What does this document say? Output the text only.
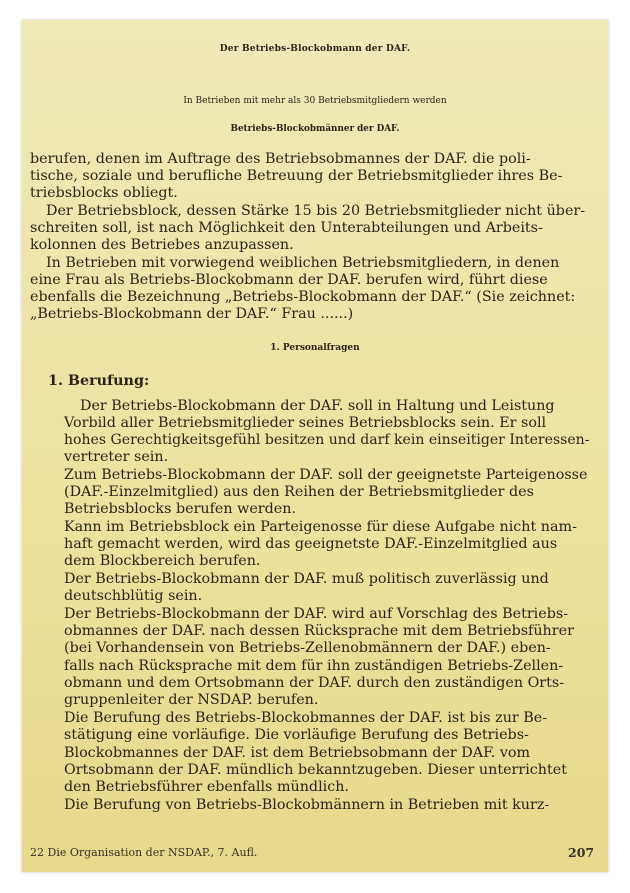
Der Betriebs-Blockobmann der DAF.
In Betrieben mit mehr als 30 Betriebsmitgliedern werden
Betriebs-Blockobmänner der DAF.
berufen, denen im Auftrage des Betriebsobmannes der DAF. die poli-
tische, soziale und berufliche Betreuung der Betriebsmitglieder ihres Be-
triebsblocks obliegt.
Der Betriebsblock, dessen Stärke 15 bis 20 Betriebsmitglieder nicht über-
schreiten soll, ist nach Möglichkeit den Unterabteilungen und Arbeits-
kolonnen des Betriebes anzupassen.
In Betrieben mit vorwiegend weiblichen Betriebsmitgliedern, in denen
eine Frau als Betriebs-Blockobmann der DAF. berufen wird, führt diese
ebenfalls die Bezeichnung „Betriebs-Blockobmann der DAF.“ (Sie zeichnet:
„Betriebs-Blockobmann der DAF.“ Frau ......)
1. Personalfragen
1. Berufung:
Der Betriebs-Blockobmann der DAF. soll in Haltung und Leistung
Vorbild aller Betriebsmitglieder seines Betriebsblocks sein. Er soll
hohes Gerechtigkeitsgefühl besitzen und darf kein einseitiger Interessen-
vertreter sein.
Zum Betriebs-Blockobmann der DAF. soll der geeignetste Parteigenosse
(DAF.-Einzelmitglied) aus den Reihen der Betriebsmitglieder des
Betriebsblocks berufen werden.
Kann im Betriebsblock ein Parteigenosse für diese Aufgabe nicht nam-
haft gemacht werden, wird das geeignetste DAF.-Einzelmitglied aus
dem Blockbereich berufen.
Der Betriebs-Blockobmann der DAF. muß politisch zuverlässig und
deutschblütig sein.
Der Betriebs-Blockobmann der DAF. wird auf Vorschlag des Betriebs-
obmannes der DAF. nach dessen Rücksprache mit dem Betriebsführer
(bei Vorhandensein von Betriebs-Zellenobmännern der DAF.) eben-
falls nach Rücksprache mit dem für ihn zuständigen Betriebs-Zellen-
obmann und dem Ortsobmann der DAF. durch den zuständigen Orts-
gruppenleiter der NSDAP. berufen.
Die Berufung des Betriebs-Blockobmannes der DAF. ist bis zur Be-
stätigung eine vorläufige. Die vorläufige Berufung des Betriebs-
Blockobmannes der DAF. ist dem Betriebsobmann der DAF. vom
Ortsobmann der DAF. mündlich bekanntzugeben. Dieser unterrichtet
den Betriebsführer ebenfalls mündlich.
Die Berufung von Betriebs-Blockobmännern in Betrieben mit kurz-
22 Die Organisation der NSDAP., 7. Aufl.	207
